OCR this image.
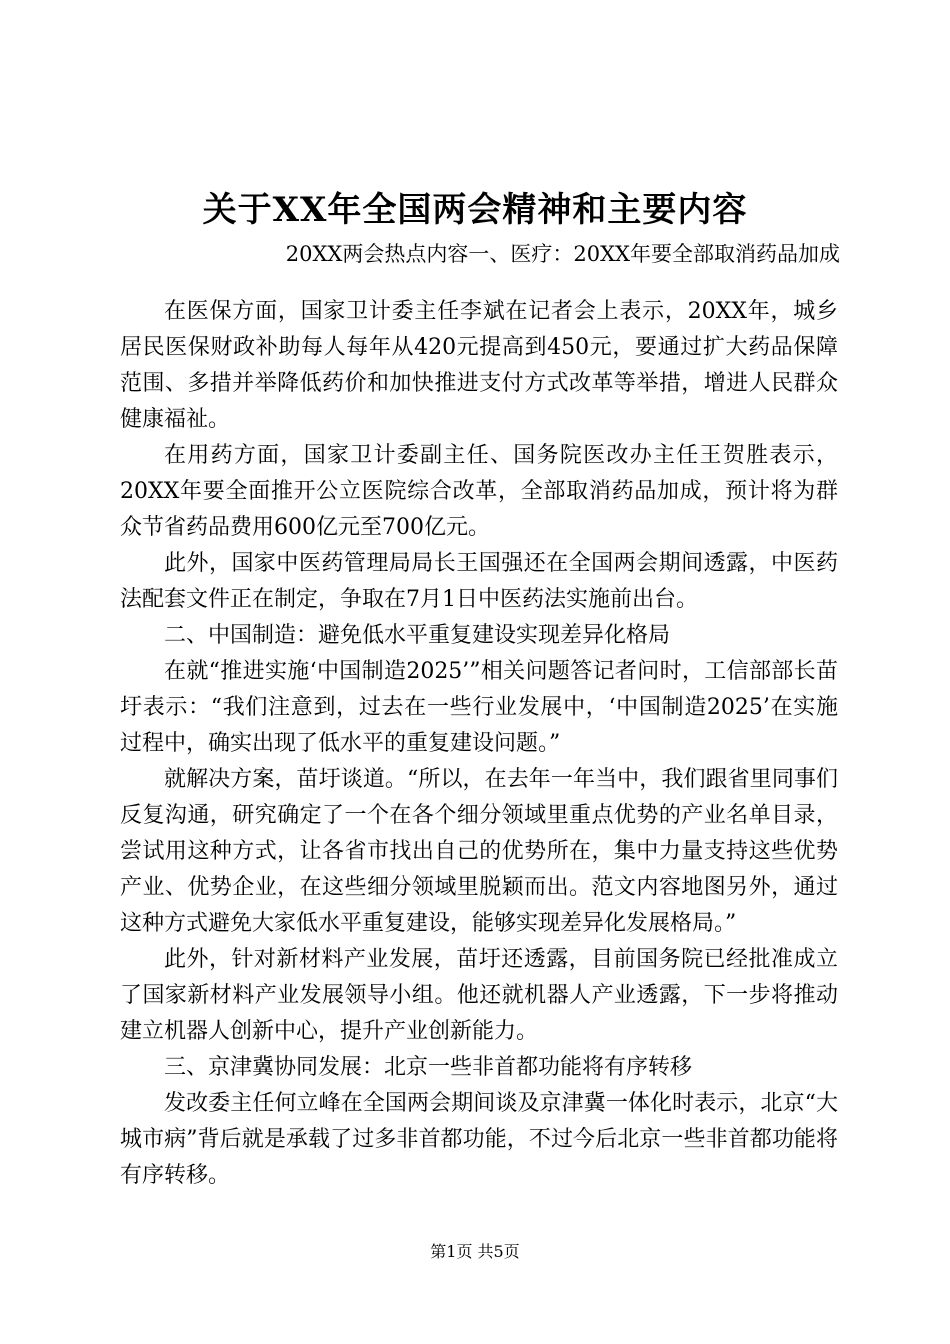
关于XX年全国两会精神和主要内容
20XX两会热点内容一、医疗：20XX年要全部取消药品加成

在医保方面，国家卫计委主任李斌在记者会上表示，20XX年，城乡居民医保财政补助每人每年从420元提高到450元，要通过扩大药品保障范围、多措并举降低药价和加快推进支付方式改革等举措，增进人民群众健康福祉。

在用药方面，国家卫计委副主任、国务院医改办主任王贺胜表示，20XX年要全面推开公立医院综合改革，全部取消药品加成，预计将为群众节省药品费用600亿元至700亿元。

此外，国家中医药管理局局长王国强还在全国两会期间透露，中医药法配套文件正在制定，争取在7月1日中医药法实施前出台。

二、中国制造：避免低水平重复建设实现差异化格局

在就“推进实施‘中国制造2025’”相关问题答记者问时，工信部部长苗圩表示：“我们注意到，过去在一些行业发展中，‘中国制造2025’在实施过程中，确实出现了低水平的重复建设问题。”

就解决方案，苗圩谈道。“所以，在去年一年当中，我们跟省里同事们反复沟通，研究确定了一个在各个细分领域里重点优势的产业名单目录，尝试用这种方式，让各省市找出自己的优势所在，集中力量支持这些优势产业、优势企业，在这些细分领域里脱颖而出。范文内容地图另外，通过这种方式避免大家低水平重复建设，能够实现差异化发展格局。”

此外，针对新材料产业发展，苗圩还透露，目前国务院已经批准成立了国家新材料产业发展领导小组。他还就机器人产业透露，下一步将推动建立机器人创新中心，提升产业创新能力。

三、京津冀协同发展：北京一些非首都功能将有序转移

发改委主任何立峰在全国两会期间谈及京津冀一体化时表示，北京“大城市病”背后就是承载了过多非首都功能，不过今后北京一些非首都功能将有序转移。

第1页 共5页
